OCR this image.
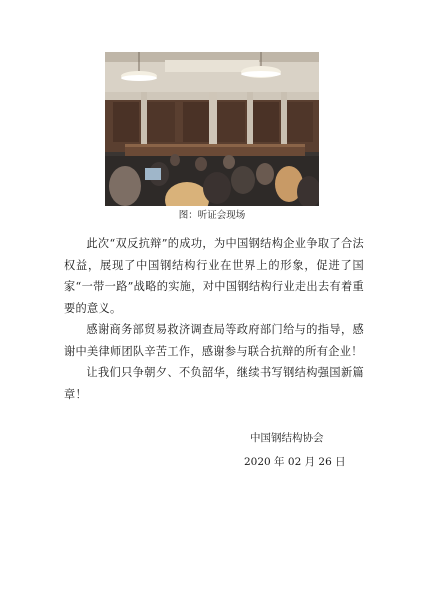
图：听证会现场

此次“双反抗辩”的成功，为中国钢结构企业争取了合法权益，展现了中国钢结构行业在世界上的形象，促进了国家“一带一路”战略的实施，对中国钢结构行业走出去有着重要的意义。

感谢商务部贸易救济调查局等政府部门给与的指导，感谢中美律师团队辛苦工作，感谢参与联合抗辩的所有企业！

让我们只争朝夕、不负韶华，继续书写钢结构强国新篇章！

中国钢结构协会
2020 年 02 月 26 日
